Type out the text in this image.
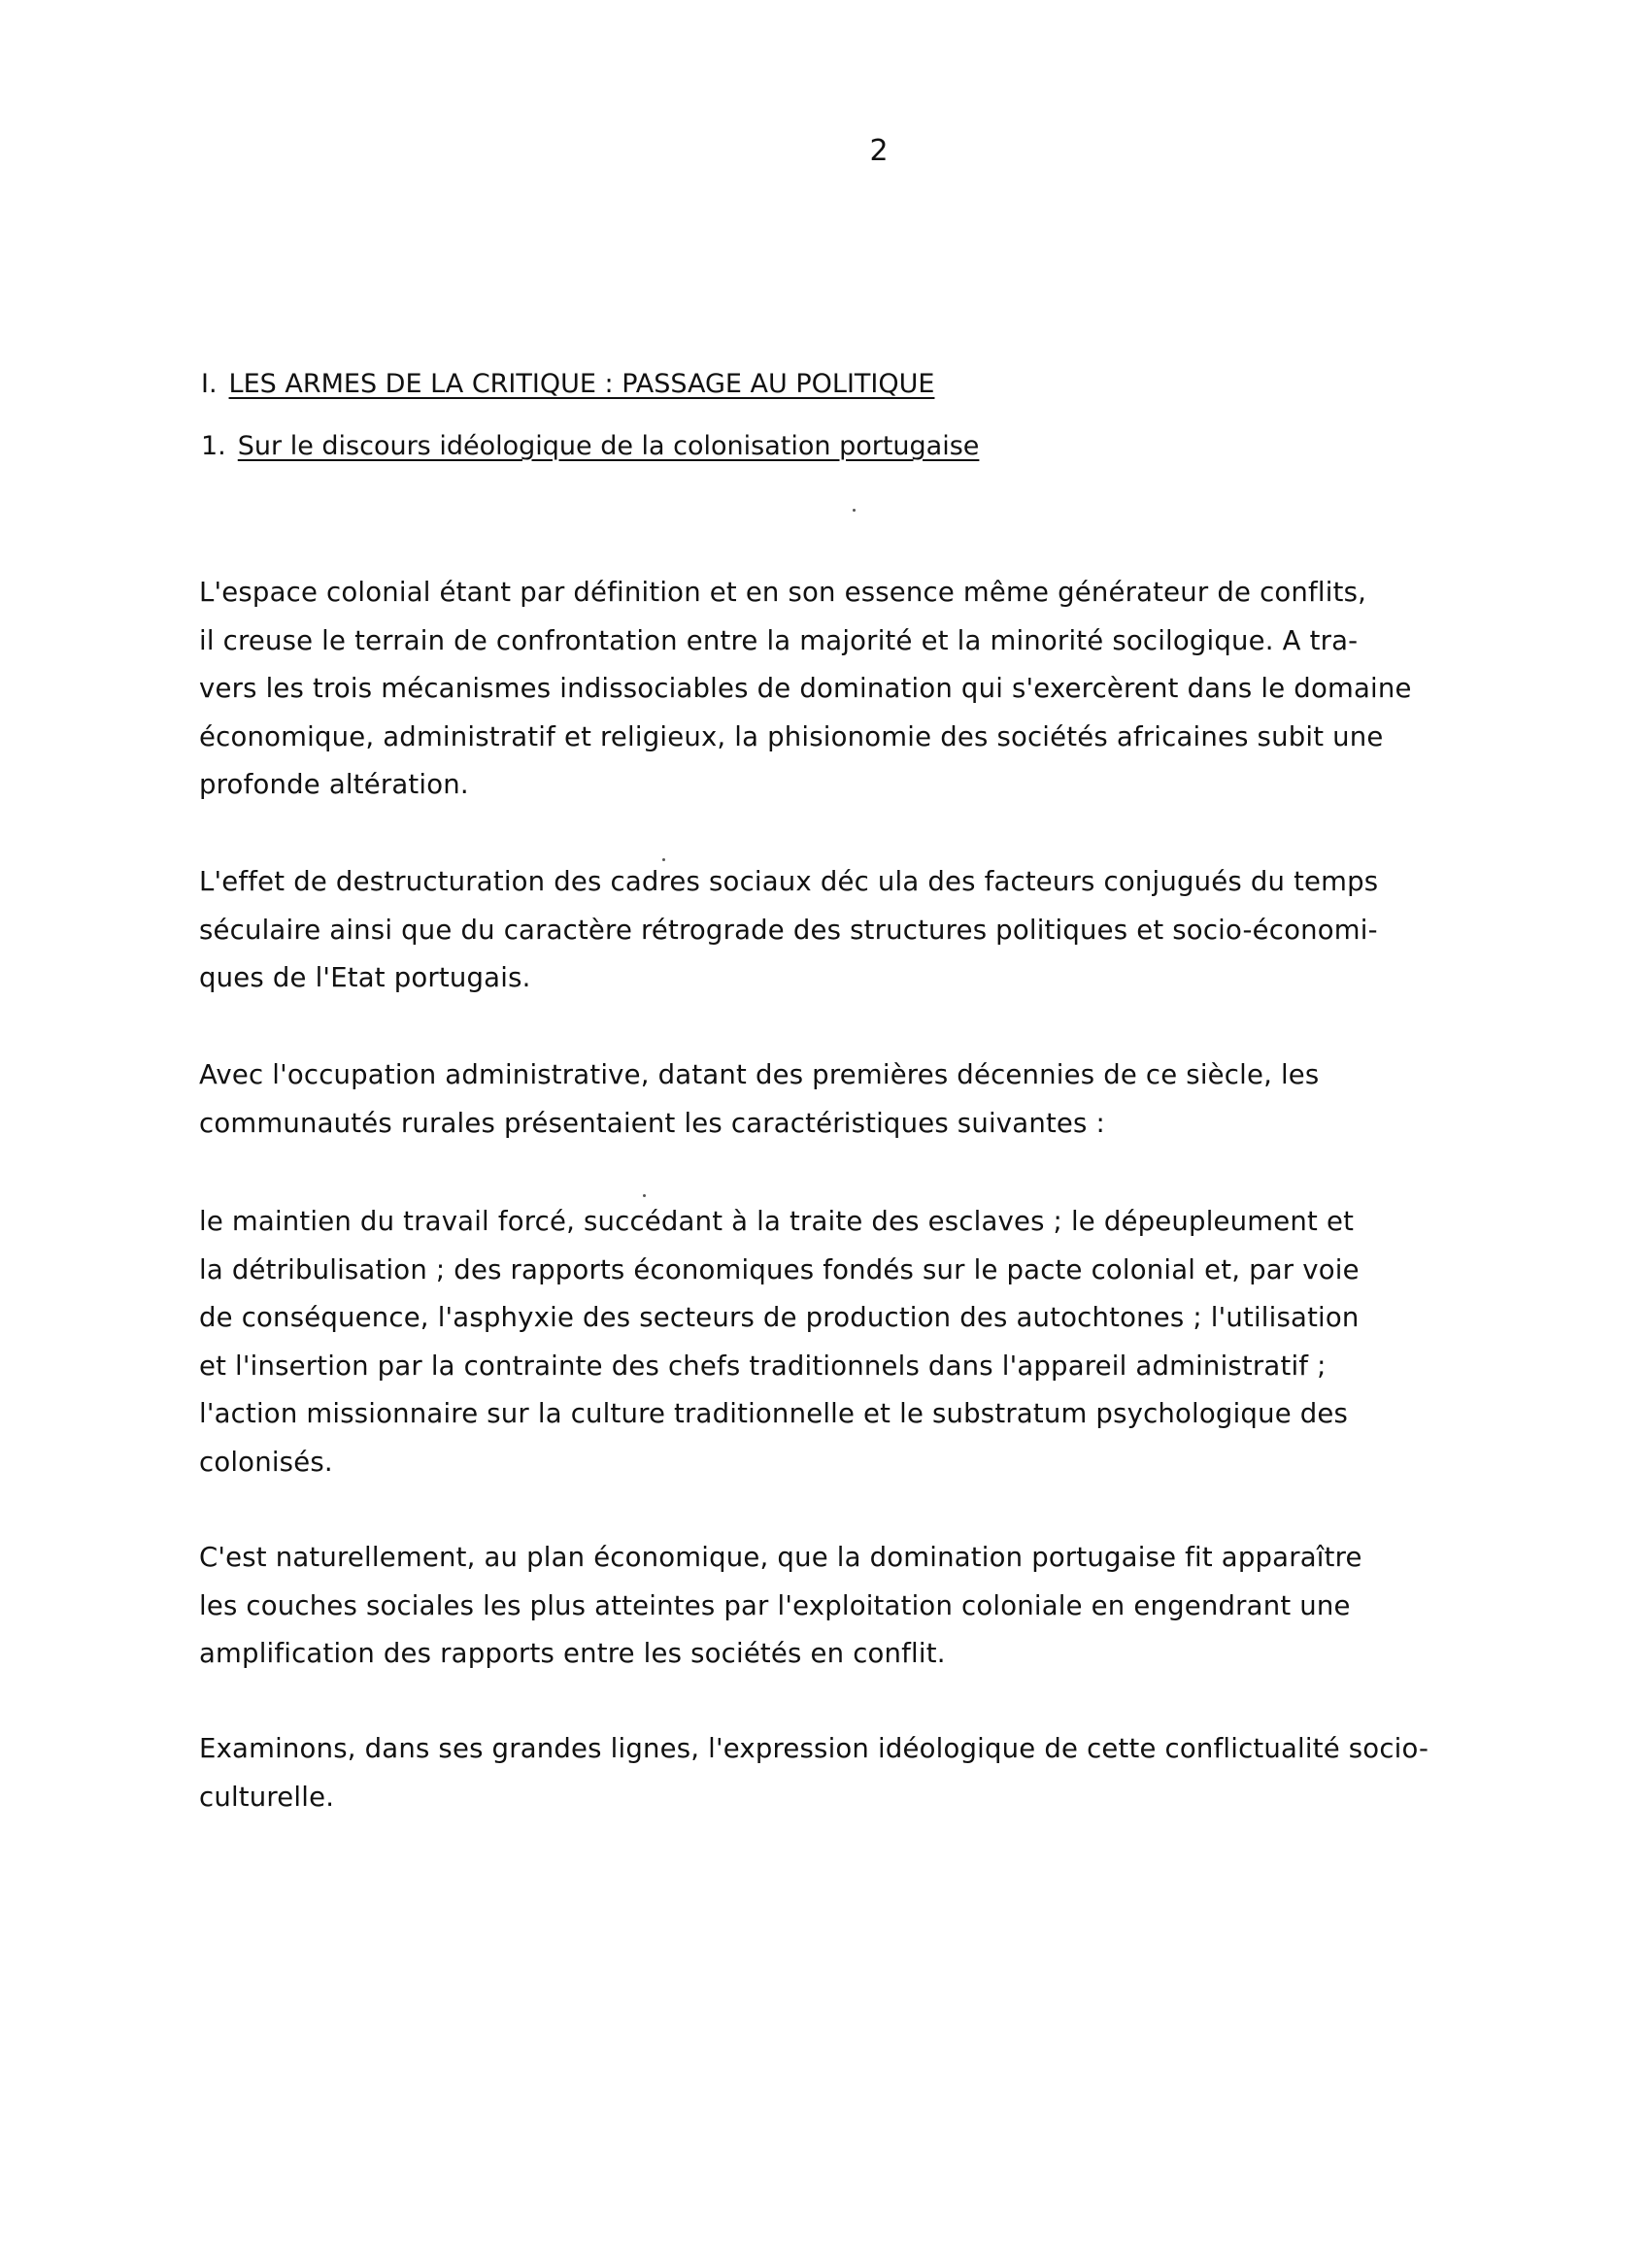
2
I. LES ARMES DE LA CRITIQUE : PASSAGE AU POLITIQUE
1. Sur le discours idéologique de la colonisation portugaise
L'espace colonial étant par définition et en son essence même générateur de conflits,
il creuse le terrain de confrontation entre la majorité et la minorité socilogique. A tra-
vers les trois mécanismes indissociables de domination qui s'exercèrent dans le domaine
économique, administratif et religieux, la phisionomie des sociétés africaines subit une
profonde altération.
L'effet de destructuration des cadres sociaux déc ula des facteurs conjugués du temps
séculaire ainsi que du caractère rétrograde des structures politiques et socio-économi-
ques de l'Etat portugais.
Avec l'occupation administrative, datant des premières décennies de ce siècle, les
communautés rurales présentaient les caractéristiques suivantes :
le maintien du travail forcé, succédant à la traite des esclaves ; le dépeupleument et
la détribulisation ; des rapports économiques fondés sur le pacte colonial et, par voie
de conséquence, l'asphyxie des secteurs de production des autochtones ; l'utilisation
et l'insertion par la contrainte des chefs traditionnels dans l'appareil administratif ;
l'action missionnaire sur la culture traditionnelle et le substratum psychologique des
colonisés.
C'est naturellement, au plan économique, que la domination portugaise fit apparaître
les couches sociales les plus atteintes par l'exploitation coloniale en engendrant une
amplification des rapports entre les sociétés en conflit.
Examinons, dans ses grandes lignes, l'expression idéologique de cette conflictualité socio-
culturelle.
